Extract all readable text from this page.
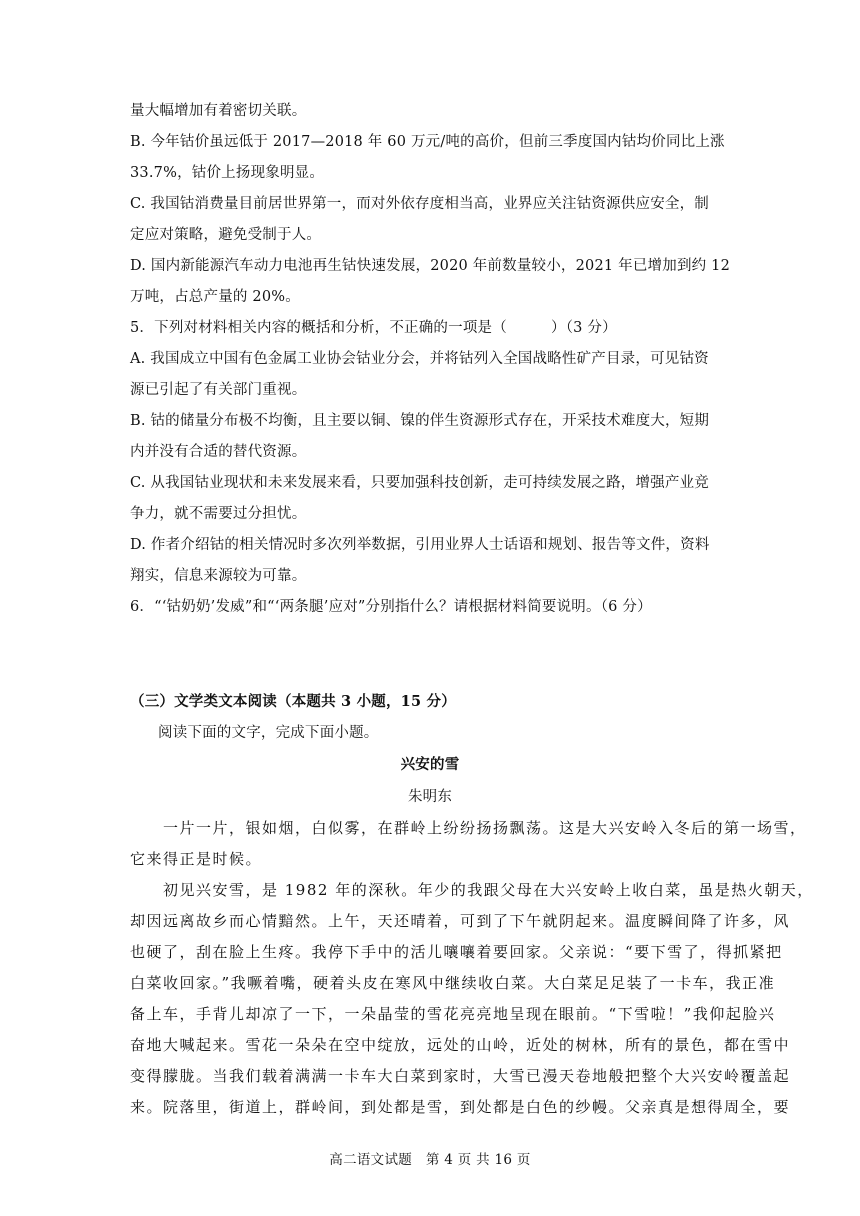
量大幅增加有着密切关联。
B. 今年钴价虽远低于 2017—2018 年 60 万元/吨的高价，但前三季度国内钴均价同比上涨
33.7%，钴价上扬现象明显。
C. 我国钴消费量目前居世界第一，而对外依存度相当高，业界应关注钴资源供应安全，制
定应对策略，避免受制于人。
D. 国内新能源汽车动力电池再生钴快速发展，2020 年前数量较小，2021 年已增加到约 12
万吨，占总产量的 20%。
5．下列对材料相关内容的概括和分析，不正确的一项是（　　　）（3 分）
A. 我国成立中国有色金属工业协会钴业分会，并将钴列入全国战略性矿产目录，可见钴资
源已引起了有关部门重视。
B. 钴的储量分布极不均衡，且主要以铜、镍的伴生资源形式存在，开采技术难度大，短期
内并没有合适的替代资源。
C. 从我国钴业现状和未来发展来看，只要加强科技创新，走可持续发展之路，增强产业竞
争力，就不需要过分担忧。
D. 作者介绍钴的相关情况时多次列举数据，引用业界人士话语和规划、报告等文件，资料
翔实，信息来源较为可靠。
6．“‘钴奶奶’发威”和“‘两条腿’应对”分别指什么？请根据材料简要说明。（6 分）
（三）文学类文本阅读（本题共 3 小题，15 分）
阅读下面的文字，完成下面小题。
兴安的雪
朱明东
　　一片一片，银如烟，白似雾，在群岭上纷纷扬扬飘荡。这是大兴安岭入冬后的第一场雪，
它来得正是时候。
　　初见兴安雪，是 1982 年的深秋。年少的我跟父母在大兴安岭上收白菜，虽是热火朝天，
却因远离故乡而心情黯然。上午，天还晴着，可到了下午就阴起来。温度瞬间降了许多，风
也硬了，刮在脸上生疼。我停下手中的活儿嚷嚷着要回家。父亲说：“要下雪了，得抓紧把
白菜收回家。”我噘着嘴，硬着头皮在寒风中继续收白菜。大白菜足足装了一卡车，我正准
备上车，手背儿却凉了一下，一朵晶莹的雪花亮亮地呈现在眼前。“下雪啦！”我仰起脸兴
奋地大喊起来。雪花一朵朵在空中绽放，远处的山岭，近处的树林，所有的景色，都在雪中
变得朦胧。当我们载着满满一卡车大白菜到家时，大雪已漫天卷地般把整个大兴安岭覆盖起
来。院落里，街道上，群岭间，到处都是雪，到处都是白色的纱幔。父亲真是想得周全，要
高二语文试题　第 4 页 共 16 页
